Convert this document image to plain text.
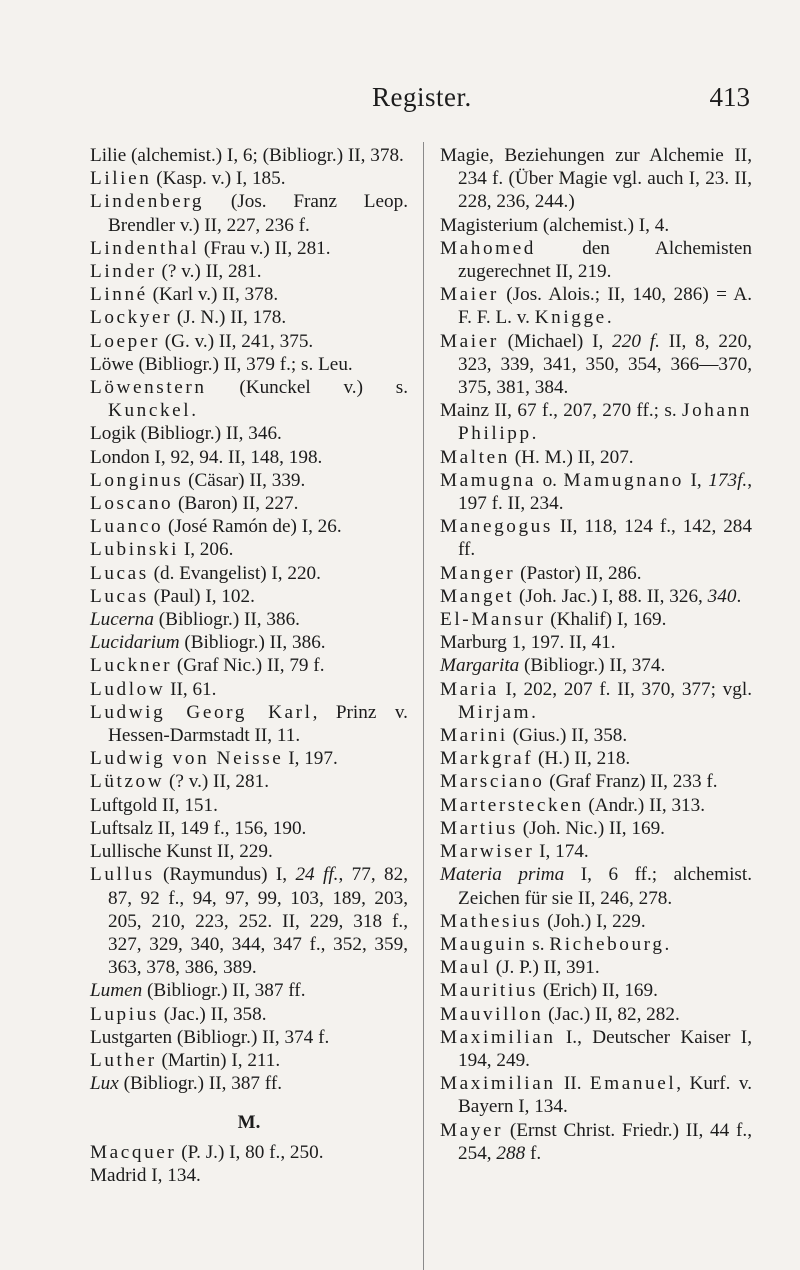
Register.	413

Lilie (alchemist.) I, 6; (Bibliogr.) II, 378.

Lilien (Kasp. v.) I, 185.

Lindenberg (Jos. Franz Leop. Brendler v.) II, 227, 236 f.

Lindenthal (Frau v.) II, 281.

Linder (? v.) II, 281.

Linné (Karl v.) II, 378.

Lockyer (J. N.) II, 178.

Loeper (G. v.) II, 241, 375.

Löwe (Bibliogr.) II, 379 f.; s. Leu.

Löwenstern (Kunckel v.) s. Kunckel.

Logik (Bibliogr.) II, 346.

London I, 92, 94. II, 148, 198.

Longinus (Cäsar) II, 339.

Loscano (Baron) II, 227.

Luanco (José Ramón de) I, 26.

Lubinski I, 206.

Lucas (d. Evangelist) I, 220.

Lucas (Paul) I, 102.

Lucerna (Bibliogr.) II, 386.

Lucidarium (Bibliogr.) II, 386.

Luckner (Graf Nic.) II, 79 f.

Ludlow II, 61.

Ludwig Georg Karl, Prinz v. Hessen-Darmstadt II, 11.

Ludwig von Neisse I, 197.

Lützow (? v.) II, 281.

Luftgold II, 151.

Luftsalz II, 149 f., 156, 190.

Lullische Kunst II, 229.

Lullus (Raymundus) I, 24 ff., 77, 82, 87, 92 f., 94, 97, 99, 103, 189, 203, 205, 210, 223, 252. II, 229, 318 f., 327, 329, 340, 344, 347 f., 352, 359, 363, 378, 386, 389.

Lumen (Bibliogr.) II, 387 ff.

Lupius (Jac.) II, 358.

Lustgarten (Bibliogr.) II, 374 f.

Luther (Martin) I, 211.

Lux (Bibliogr.) II, 387 ff.

M.

Macquer (P. J.) I, 80 f., 250.

Madrid I, 134.

Magie, Beziehungen zur Alchemie II, 234 f. (Über Magie vgl. auch I, 23. II, 228, 236, 244.)

Magisterium (alchemist.) I, 4.

Mahomed den Alchemisten zugerechnet II, 219.

Maier (Jos. Alois.; II, 140, 286) = A. F. F. L. v. Knigge.

Maier (Michael) I, 220 f. II, 8, 220, 323, 339, 341, 350, 354, 366—370, 375, 381, 384.

Mainz II, 67 f., 207, 270 ff.; s. Johann Philipp.

Malten (H. M.) II, 207.

Mamugna o. Mamugnano I, 173f., 197 f. II, 234.

Manegogus II, 118, 124 f., 142, 284 ff.

Manger (Pastor) II, 286.

Manget (Joh. Jac.) I, 88. II, 326, 340.

El-Mansur (Khalif) I, 169.

Marburg 1, 197. II, 41.

Margarita (Bibliogr.) II, 374.

Maria I, 202, 207 f. II, 370, 377; vgl. Mirjam.

Marini (Gius.) II, 358.

Markgraf (H.) II, 218.

Marsciano (Graf Franz) II, 233 f.

Marterstecken (Andr.) II, 313.

Martius (Joh. Nic.) II, 169.

Marwiser I, 174.

Materia prima I, 6 ff.; alchemist. Zeichen für sie II, 246, 278.

Mathesius (Joh.) I, 229.

Mauguin s. Richebourg.

Maul (J. P.) II, 391.

Mauritius (Erich) II, 169.

Mauvillon (Jac.) II, 82, 282.

Maximilian I., Deutscher Kaiser I, 194, 249.

Maximilian II. Emanuel, Kurf. v. Bayern I, 134.

Mayer (Ernst Christ. Friedr.) II, 44 f., 254, 288 f.
